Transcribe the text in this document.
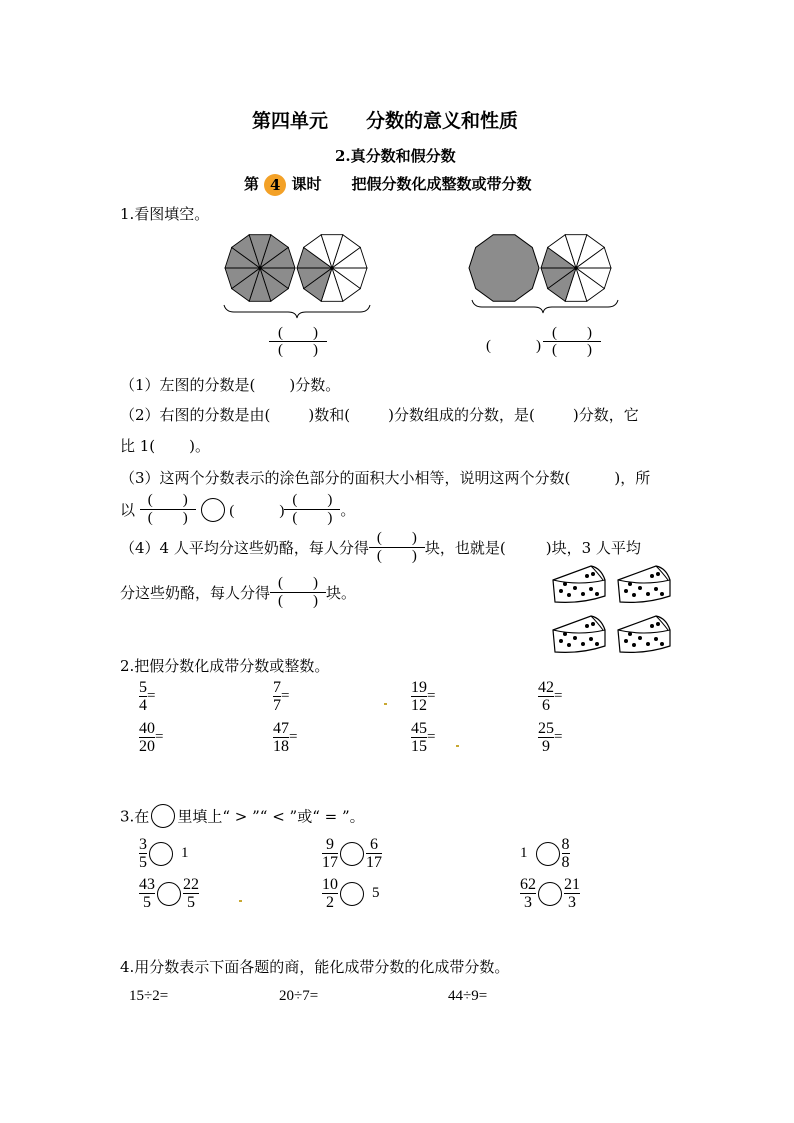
第四单元　　分数的意义和性质
2.真分数和假分数
第 4 课时　　把假分数化成整数或带分数
1.看图填空。
(　　)
(　　)	(　　　)
(　　)
(　　)
（1）左图的分数是( )分数。
（2）右图的分数是由(	)数和(	)分数组成的分数，是(	)分数，它
比 1( )。
（3）这两个分数表示的涂色部分的面积大小相等，说明这两个分数(	)，所
以 $\frac{( )}{( )}$ (　　　) $\frac{( )}{( )}$ 。
（4）4 人平均分这些奶酪，每人分得 $\frac{( )}{( )}$ 块，也就是(	)块，3 人平均
分这些奶酪，每人分得 $\frac{( )}{( )}$ 块。
2.把假分数化成带分数或整数。
$\frac{5}{4}$ =	$\frac{7}{7}$ =	$\frac{19}{12}$ =	$\frac{42}{6}$ =
$\frac{40}{20}$ =	$\frac{47}{18}$ =	$\frac{45}{15}$ =	$\frac{25}{9}$ =
3.在 里填上“ > ”“ < ”或“ = ”。
$\frac{3}{5} 1$	$\frac{9}{17} \frac{6}{17}$	$1 \frac{8}{8}$
$\frac{43}{5} \frac{22}{5}$	$\frac{10}{2} 5$	$\frac{62}{3} \frac{21}{3}$
4.用分数表示下面各题的商，能化成带分数的化成带分数。
15÷2=	20÷7=	44÷9=
